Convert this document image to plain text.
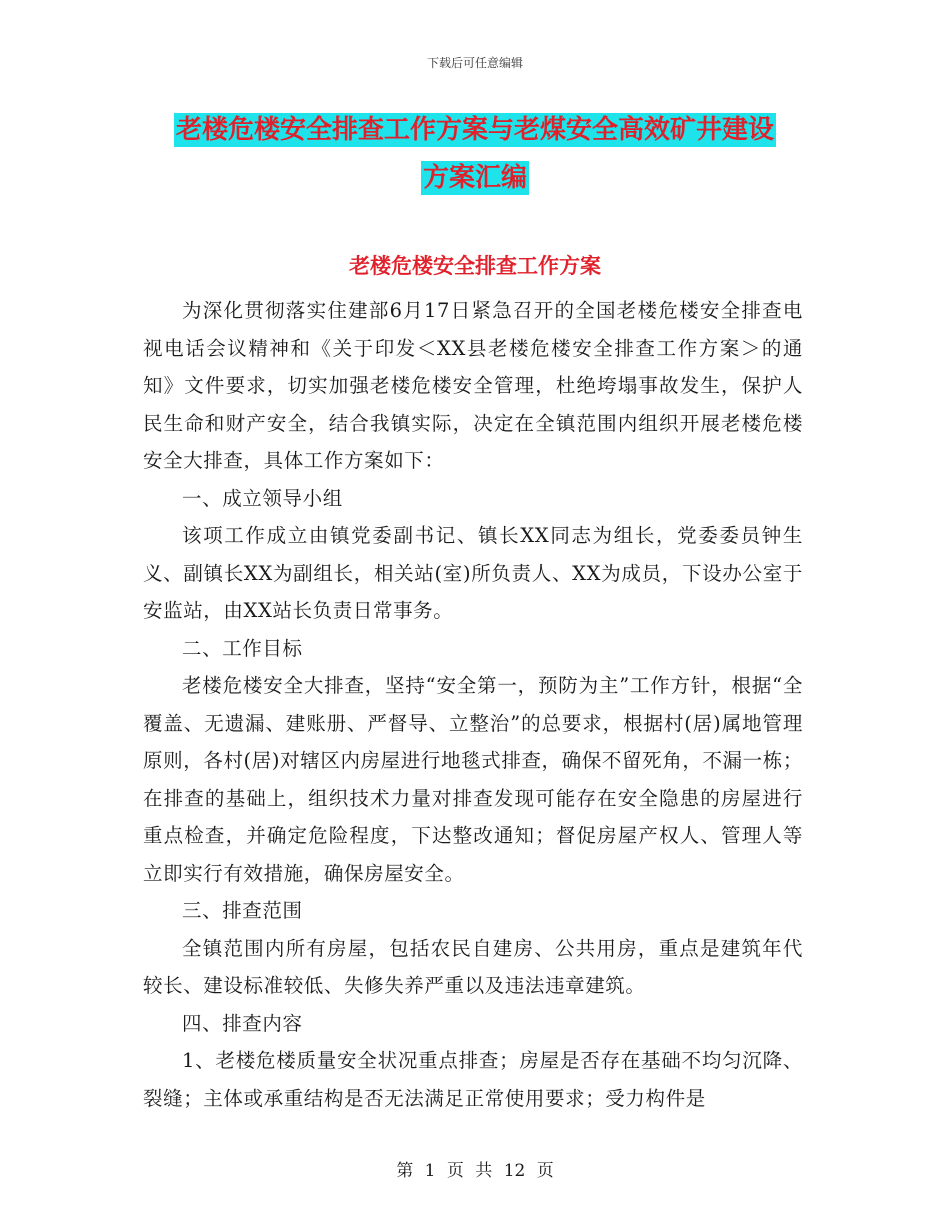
下载后可任意编辑
老楼危楼安全排查工作方案与老煤安全高效矿井建设
方案汇编
老楼危楼安全排查工作方案

为深化贯彻落实住建部6月17日紧急召开的全国老楼危楼安全排查电视电话会议精神和《关于印发＜XX县老楼危楼安全排查工作方案＞的通知》文件要求，切实加强老楼危楼安全管理，杜绝垮塌事故发生，保护人民生命和财产安全，结合我镇实际，决定在全镇范围内组织开展老楼危楼安全大排查，具体工作方案如下：

一、成立领导小组

该项工作成立由镇党委副书记、镇长XX同志为组长，党委委员钟生义、副镇长XX为副组长，相关站(室)所负责人、XX为成员，下设办公室于安监站，由XX站长负责日常事务。

二、工作目标

老楼危楼安全大排查，坚持“安全第一，预防为主”工作方针，根据“全覆盖、无遗漏、建账册、严督导、立整治”的总要求，根据村(居)属地管理原则，各村(居)对辖区内房屋进行地毯式排查，确保不留死角，不漏一栋；在排查的基础上，组织技术力量对排查发现可能存在安全隐患的房屋进行重点检查，并确定危险程度，下达整改通知；督促房屋产权人、管理人等立即实行有效措施，确保房屋安全。

三、排查范围

全镇范围内所有房屋，包括农民自建房、公共用房，重点是建筑年代较长、建设标准较低、失修失养严重以及违法违章建筑。

四、排查内容

1、老楼危楼质量安全状况重点排查；房屋是否存在基础不均匀沉降、裂缝；主体或承重结构是否无法满足正常使用要求；受力构件是

第 1 页 共 12 页
